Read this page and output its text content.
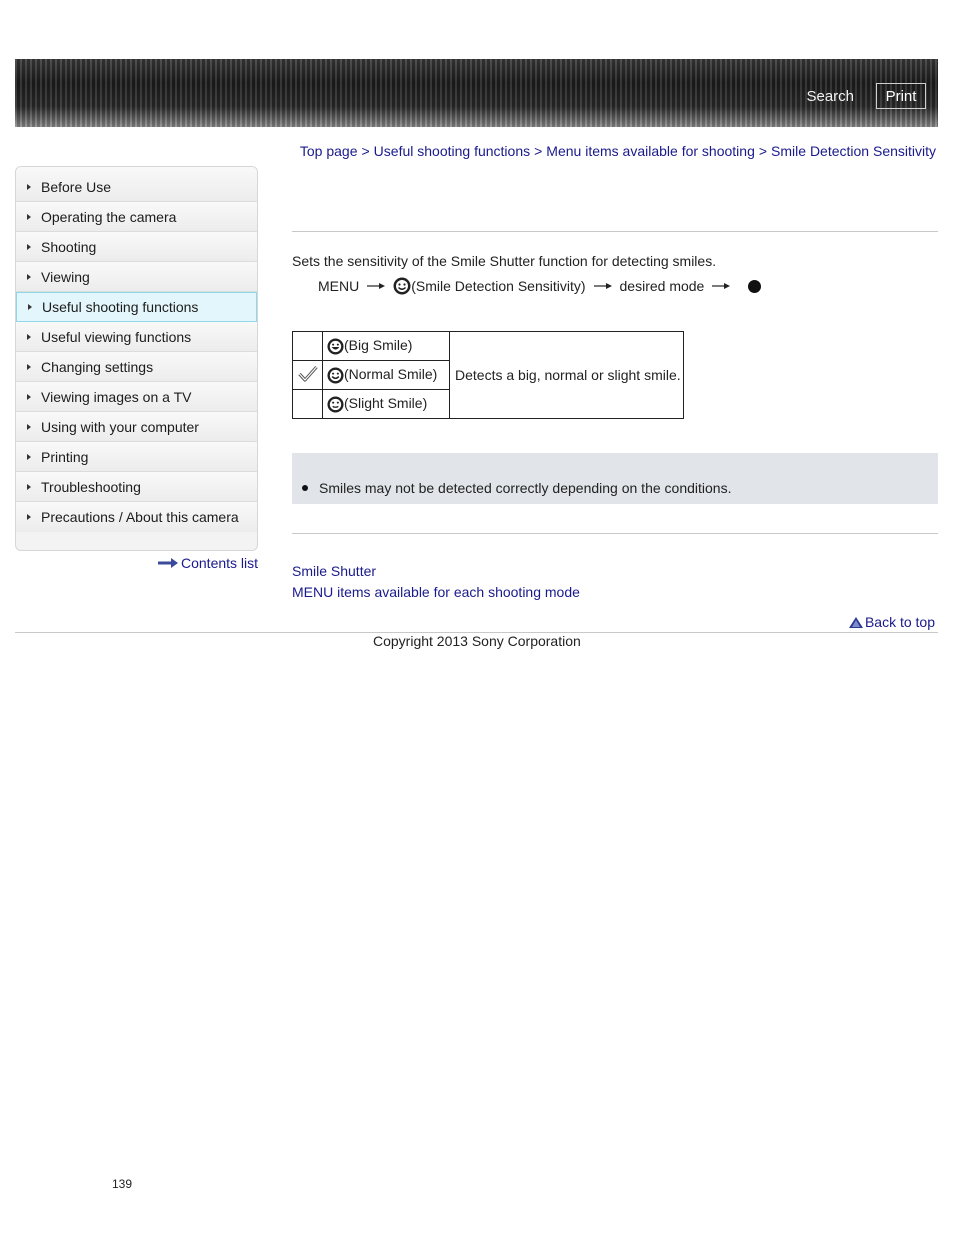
Search	Print
Top page > Useful shooting functions > Menu items available for shooting > Smile Detection Sensitivity
Before Use
Operating the camera
Shooting
Viewing
Useful shooting functions
Useful viewing functions
Changing settings
Viewing images on a TV
Using with your computer
Printing
Troubleshooting
Precautions / About this camera
Contents list
Sets the sensitivity of the Smile Shutter function for detecting smiles.
MENU	(Smile Detection Sensitivity) desired mode
	(Big Smile)	Detects a big, normal or slight smile.
	(Normal Smile)	
	(Slight Smile)	
Smiles may not be detected correctly depending on the conditions.
Smile Shutter
MENU items available for each shooting mode
Back to top
Copyright 2013 Sony Corporation
139
